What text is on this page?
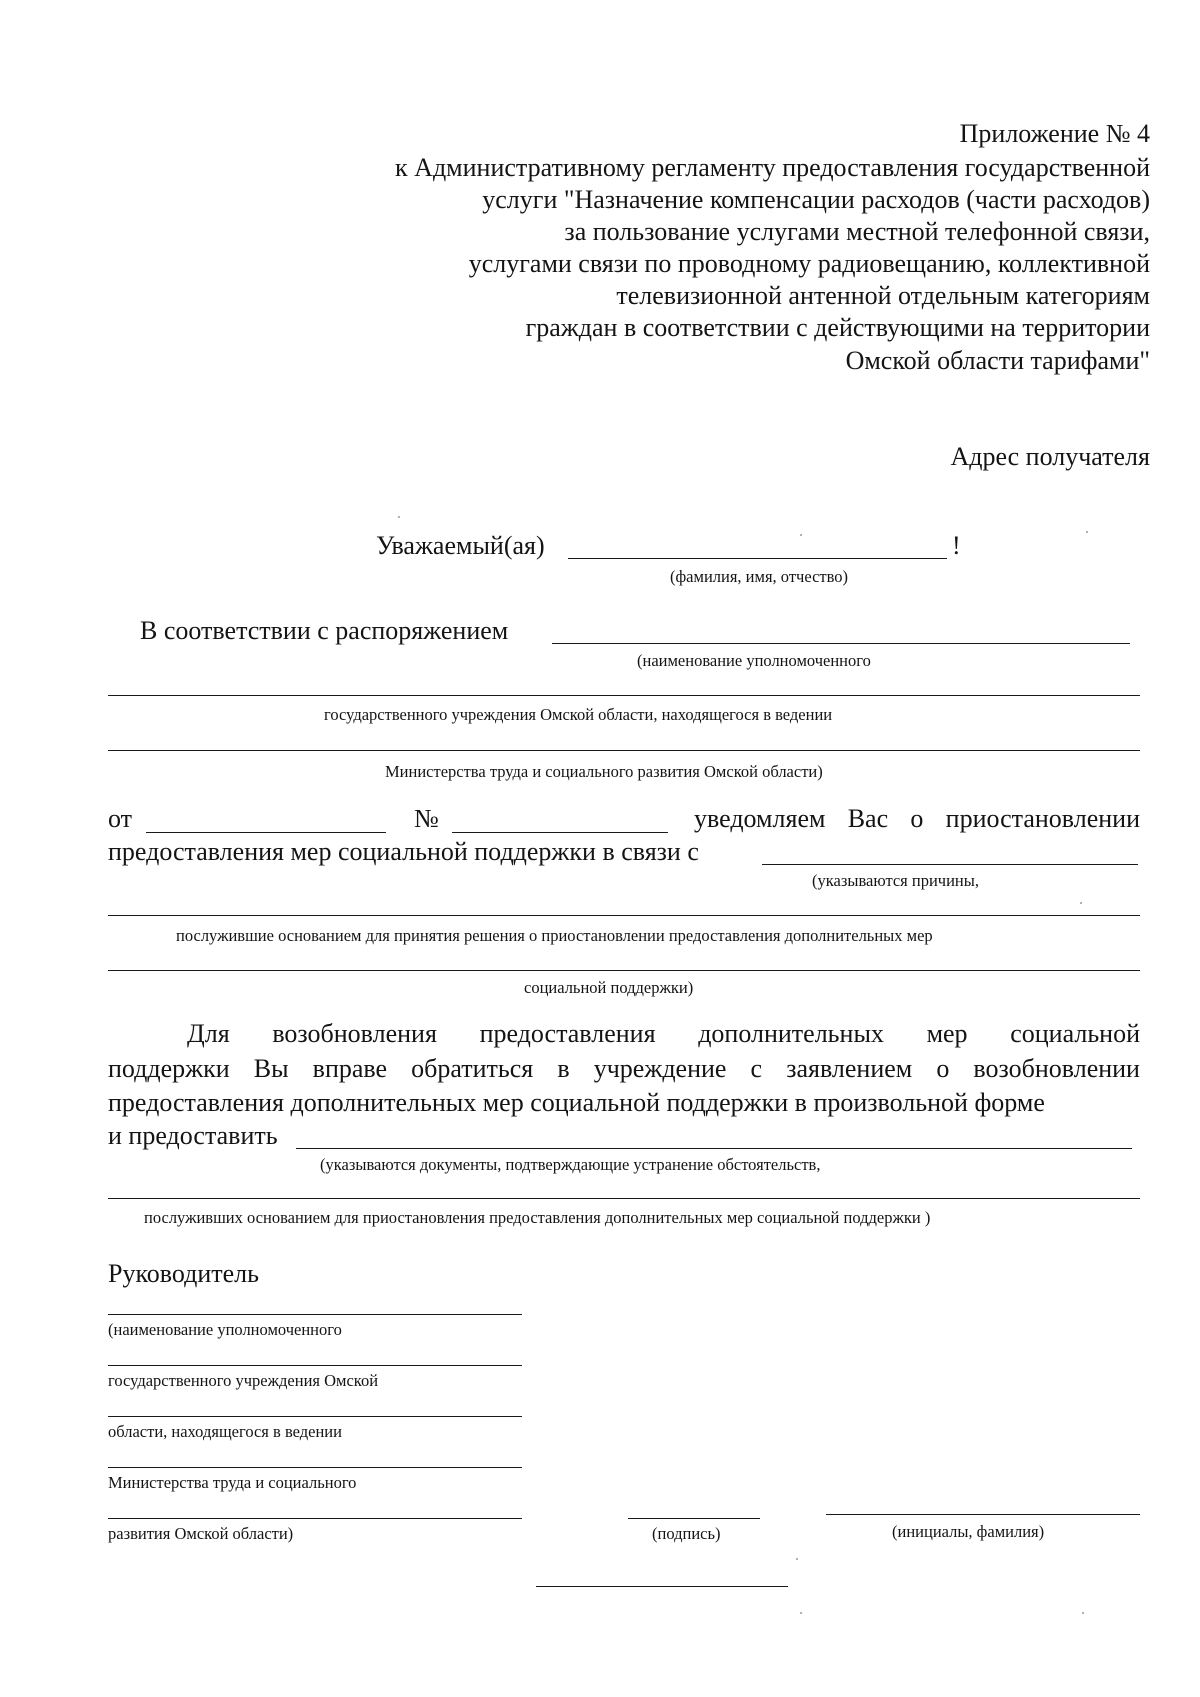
Приложение № 4
к Административному регламенту предоставления государственной
услуги "Назначение компенсации расходов (части расходов)
за пользование услугами местной телефонной связи,
услугами связи по проводному радиовещанию, коллективной
телевизионной антенной отдельным категориям
граждан в соответствии с действующими на территории
Омской области тарифами"
Адрес получателя
Уважаемый(ая)	!
(фамилия, имя, отчество)
В соответствии с распоряжением
(наименование уполномоченного
государственного учреждения Омской области, находящегося в ведении
Министерства труда и социального развития Омской области)
от	№	уведомляем Вас о приостановлении
предоставления мер социальной поддержки в связи с
(указываются причины,
послужившие основанием для принятия решения о приостановлении предоставления дополнительных мер
социальной поддержки)
Для возобновления предоставления дополнительных мер социальной
поддержки Вы вправе обратиться в учреждение с заявлением о возобновлении
предоставления дополнительных мер социальной поддержки в произвольной форме
и предоставить
(указываются документы, подтверждающие устранение обстоятельств,
послуживших основанием для приостановления предоставления дополнительных мер социальной поддержки )
Руководитель
(наименование уполномоченного
государственного учреждения Омской
области, находящегося в ведении
Министерства труда и социального
развития Омской области)	(подпись)	(инициалы, фамилия)
